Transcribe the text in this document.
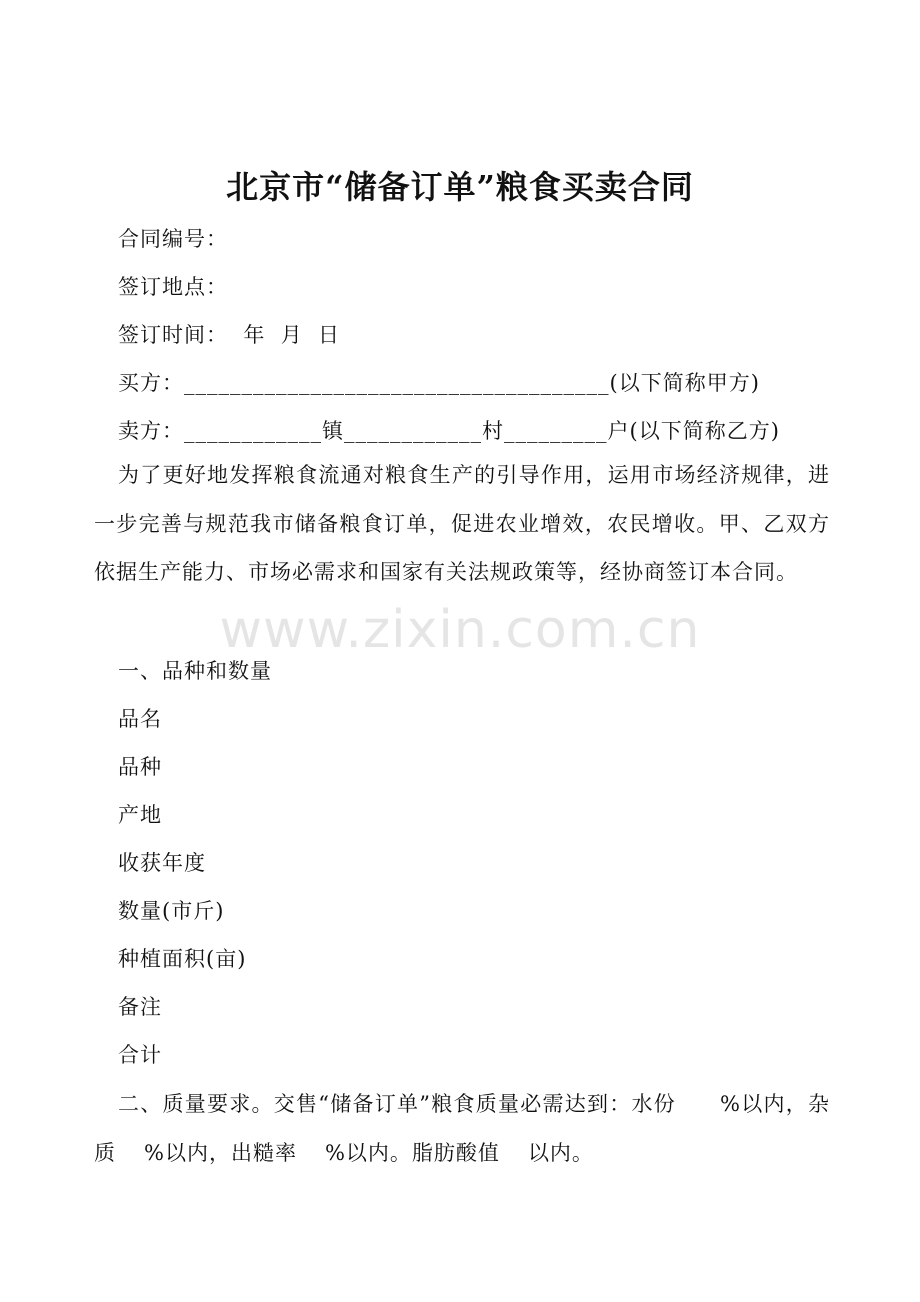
北京市“储备订单”粮食买卖合同
合同编号：
签订地点：
签订时间：  年  月  日
买方：_____________________________________(以下简称甲方)
卖方：____________镇____________村_________户(以下简称乙方)

为了更好地发挥粮食流通对粮食生产的引导作用，运用市场经济规律，进一步完善与规范我市储备粮食订单，促进农业增效，农民增收。甲、乙双方依据生产能力、市场必需求和国家有关法规政策等，经协商签订本合同。

一、品种和数量
品名
品种
产地
收获年度
数量(市斤)
种植面积(亩)
备注
合计

二、质量要求。交售“储备订单”粮食质量必需达到：水份 %以内，杂质 %以内，出糙率 %以内。脂肪酸值 以内。

www.zixin.com.cn
